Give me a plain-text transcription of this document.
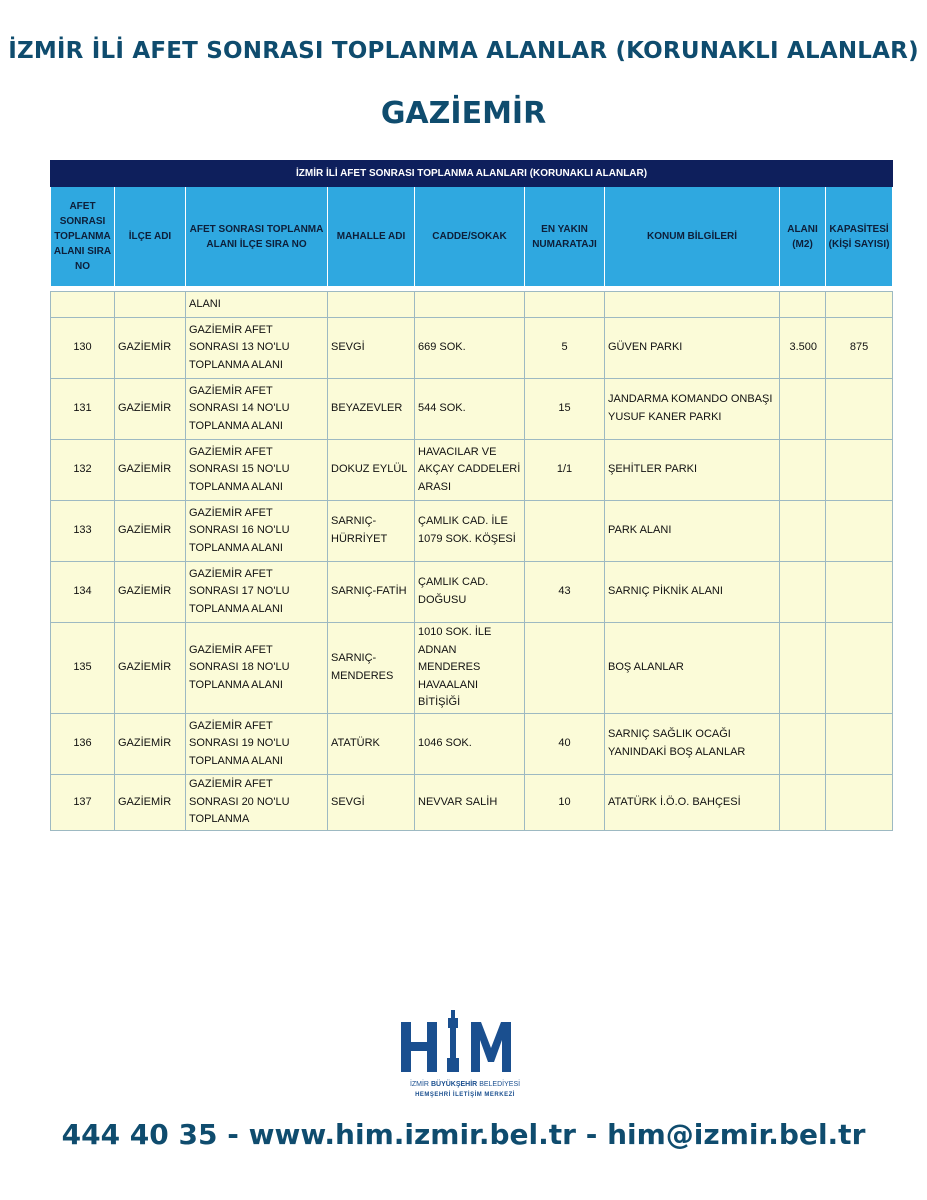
İZMİR İLİ AFET SONRASI TOPLANMA ALANLAR (KORUNAKLI ALANLAR)
GAZİEMİR
İZMİR İLİ AFET SONRASI TOPLANMA ALANLARI (KORUNAKLI ALANLAR)								
AFET SONRASI TOPLANMA ALANI SIRA NO	İLÇE ADI	AFET SONRASI TOPLANMA ALANI İLÇE SIRA NO	MAHALLE ADI	CADDE/SOKAK	EN YAKIN NUMARATAJI	KONUM BİLGİLERİ	ALANI (M2)	KAPASİTESİ (KİŞİ SAYISI)

		ALANI						
130	GAZİEMİR	GAZİEMİR AFET SONRASI 13 NO'LU TOPLANMA ALANI	SEVGİ	669 SOK.	5	GÜVEN PARKI	3.500	875
131	GAZİEMİR	GAZİEMİR AFET SONRASI 14 NO'LU TOPLANMA ALANI	BEYAZEVLER	544 SOK.	15	JANDARMA KOMANDO ONBAŞI YUSUF KANER PARKI		
132	GAZİEMİR	GAZİEMİR AFET SONRASI 15 NO'LU TOPLANMA ALANI	DOKUZ EYLÜL	HAVACILAR VE AKÇAY CADDELERİ ARASI	1/1	ŞEHİTLER PARKI		
133	GAZİEMİR	GAZİEMİR AFET SONRASI 16 NO'LU TOPLANMA ALANI	SARNIÇ-HÜRRİYET	ÇAMLIK CAD. İLE 1079 SOK. KÖŞESİ		PARK ALANI		
134	GAZİEMİR	GAZİEMİR AFET SONRASI 17 NO'LU TOPLANMA ALANI	SARNIÇ-FATİH	ÇAMLIK CAD. DOĞUSU	43	SARNIÇ PİKNİK ALANI		
135	GAZİEMİR	GAZİEMİR AFET SONRASI 18 NO'LU TOPLANMA ALANI	SARNIÇ-MENDERES	1010 SOK. İLE ADNAN MENDERES HAVAALANI BİTİŞİĞİ		BOŞ ALANLAR		
136	GAZİEMİR	GAZİEMİR AFET SONRASI 19 NO'LU TOPLANMA ALANI	ATATÜRK	1046 SOK.	40	SARNIÇ SAĞLIK OCAĞI YANINDAKİ BOŞ ALANLAR		
137	GAZİEMİR	GAZİEMİR AFET SONRASI 20 NO'LU TOPLANMA	SEVGİ	NEVVAR SALİH	10	ATATÜRK İ.Ö.O. BAHÇESİ		
İZMİR BÜYÜKŞEHİR BELEDİYESİ
HEMŞEHRİ İLETİŞİM MERKEZİ
444 40 35 - www.him.izmir.bel.tr - him@izmir.bel.tr
